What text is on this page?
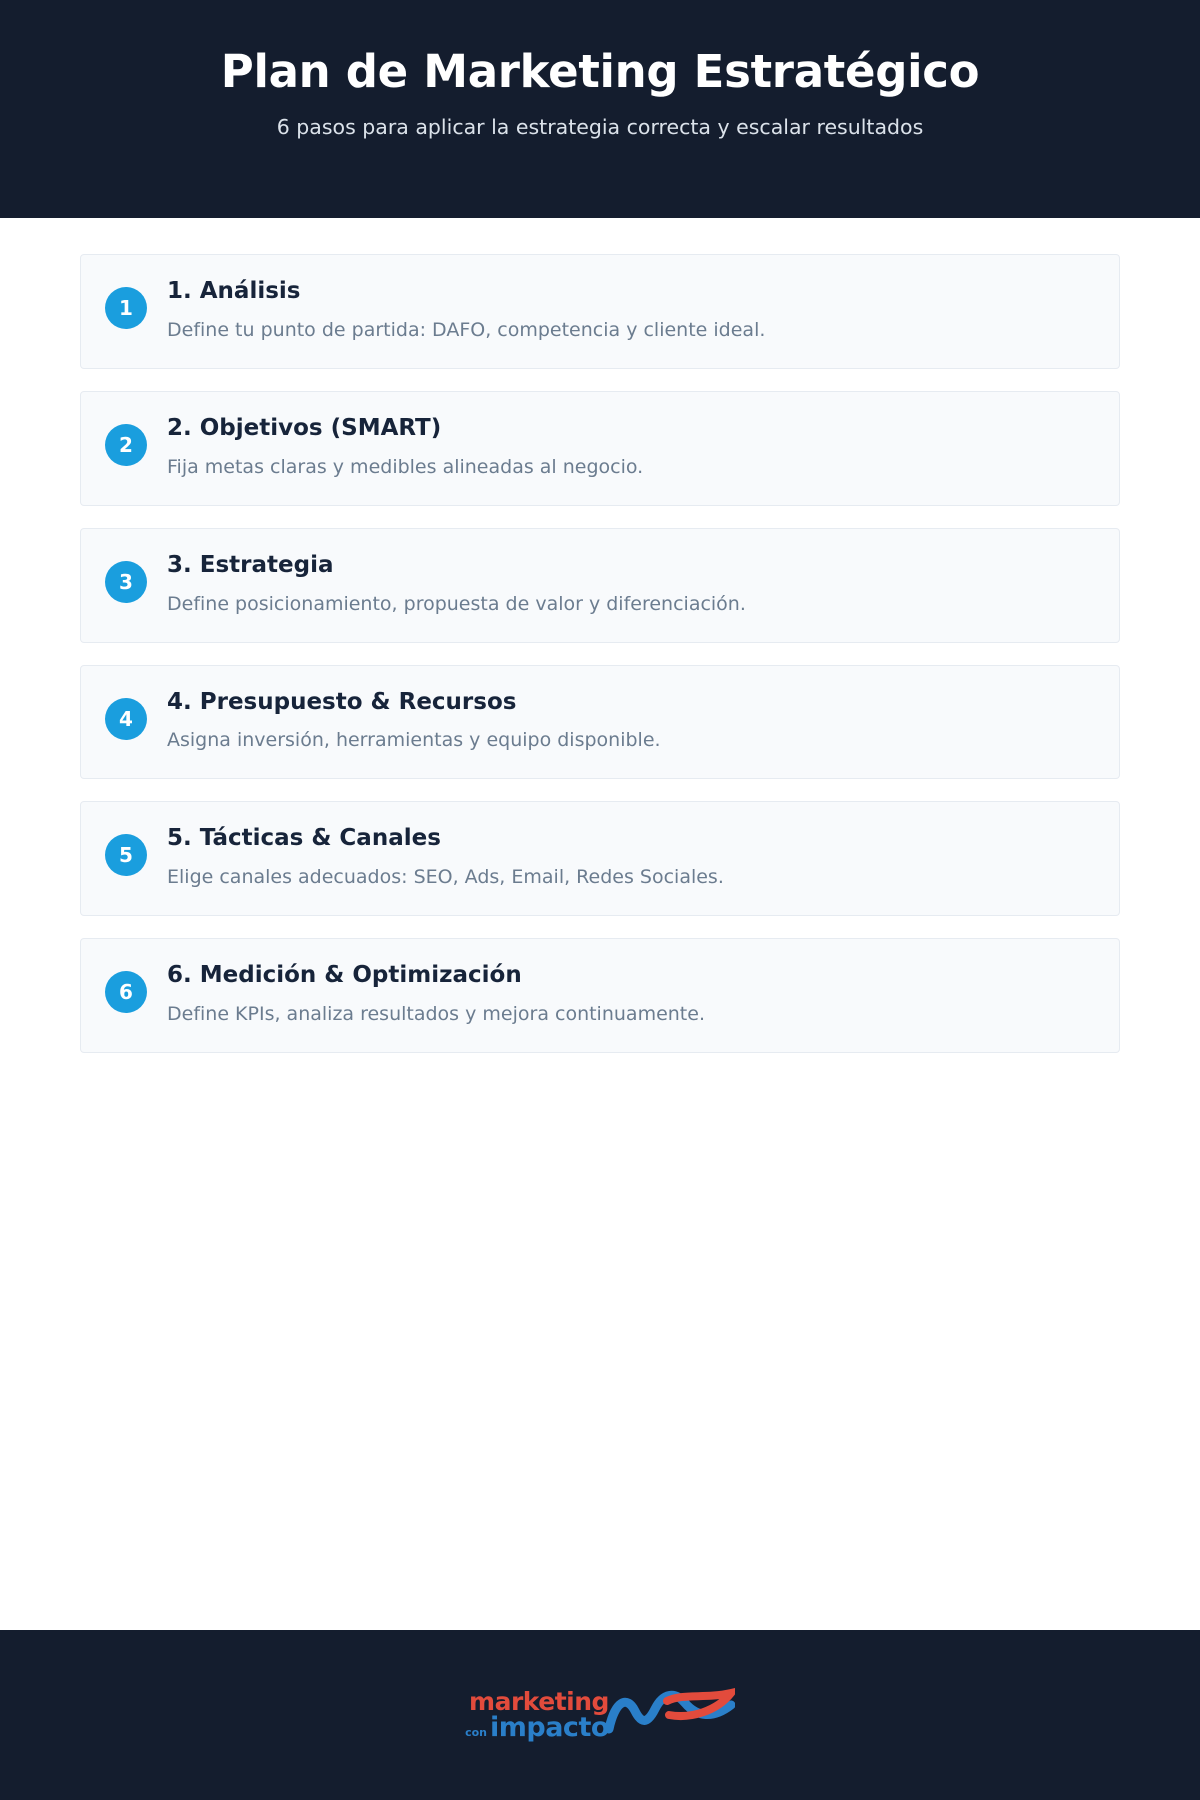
Plan de Marketing Estratégico
6 pasos para aplicar la estrategia correcta y escalar resultados
1
1. Análisis
Define tu punto de partida: DAFO, competencia y cliente ideal.
2
2. Objetivos (SMART)
Fija metas claras y medibles alineadas al negocio.
3
3. Estrategia
Define posicionamiento, propuesta de valor y diferenciación.
4
4. Presupuesto & Recursos
Asigna inversión, herramientas y equipo disponible.
5
5. Tácticas & Canales
Elige canales adecuados: SEO, Ads, Email, Redes Sociales.
6
6. Medición & Optimización
Define KPIs, analiza resultados y mejora continuamente.
marketing
con impacto
